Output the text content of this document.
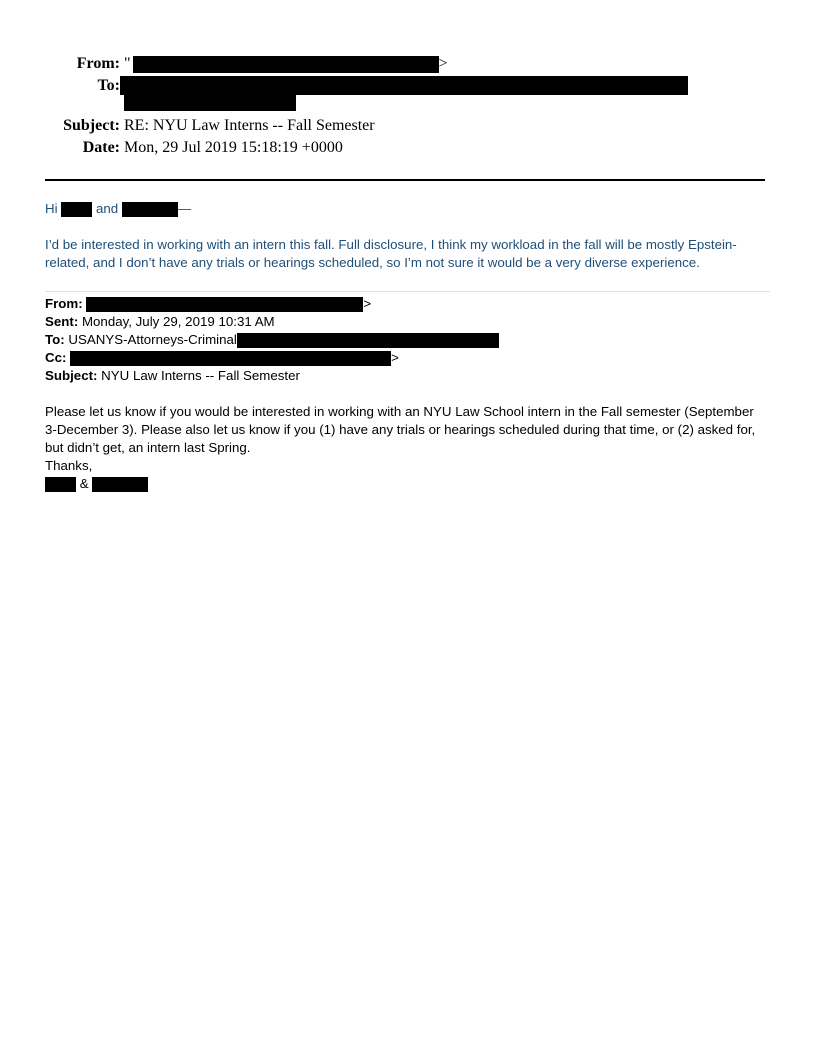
From: "	>
To:
Subject: RE: NYU Law Interns -- Fall Semester
Date: Mon, 29 Jul 2019 15:18:19 +0000
Hi	and	—
I’d be interested in working with an intern this fall. Full disclosure, I think my workload in the fall will be mostly Epstein-
related, and I don’t have any trials or hearings scheduled, so I’m not sure it would be a very diverse experience.
From:	>
Sent: Monday, July 29, 2019 10:31 AM
To: USANYS-Attorneys-Criminal
Cc:	>
Subject: NYU Law Interns -- Fall Semester
Please let us know if you would be interested in working with an NYU Law School intern in the Fall semester (September
3-December 3). Please also let us know if you (1) have any trials or hearings scheduled during that time, or (2) asked for,
but didn’t get, an intern last Spring.
Thanks,
&
